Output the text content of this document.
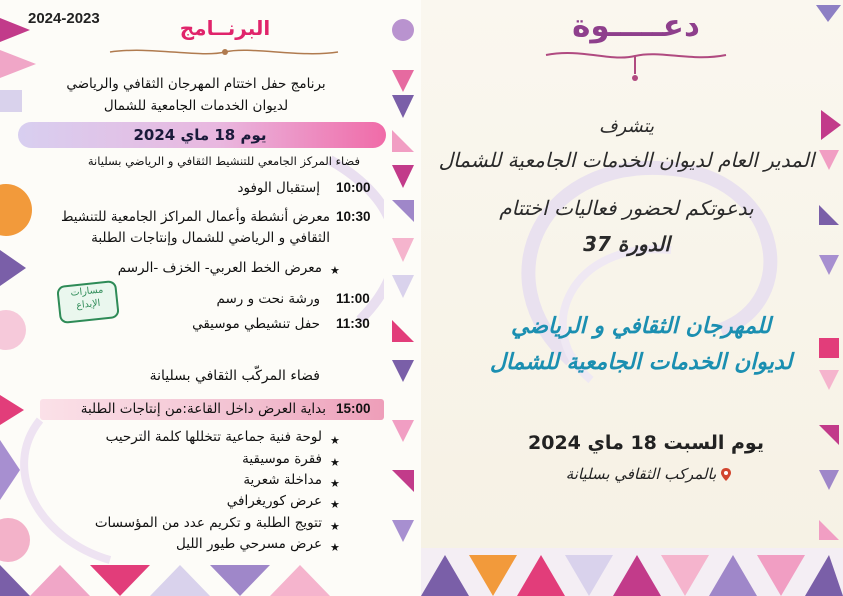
2024-2023	البرنــامج
برنامج حفل اختتام المهرجان الثقافي والرياضي
لديوان الخدمات الجامعية للشمال
يوم 18 ماي 2024
فضاء المركز الجامعي للتنشيط الثقافي و الرياضي بسليانة
10:00
إستقبال الوفود
10:30
معرض أنشطة وأعمال المراكز الجامعية للتنشيط
الثقافي و الرياضي للشمال وإنتاجات الطلبة
★
معرض الخط العربي- الخزف -الرسم
11:00
ورشة نحت و رسم
11:30
حفل تنشيطي موسيقي
مسارات
الإبداع
فضاء المركّب الثقافي بسليانة
15:00
بداية العرض داخل القاعة:من إنتاجات الطلبة
★
لوحة فنية جماعية تتخللها كلمة الترحيب
★
فقرة موسيقية
★
مداخلة شعرية
★
عرض كوريغرافي
★
تتويج الطلبة و تكريم عدد من المؤسسات
★
عرض مسرحي طيور الليل
دعـــــوة
يتشرف
المدير العام لديوان الخدمات الجامعية للشمال
بدعوتكم لحضور فعاليات اختتام
الدورة 37
للمهرجان الثقافي و الرياضي
لديوان الخدمات الجامعية للشمال
يوم السبت 18 ماي 2024
بالمركب الثقافي بسليانة
